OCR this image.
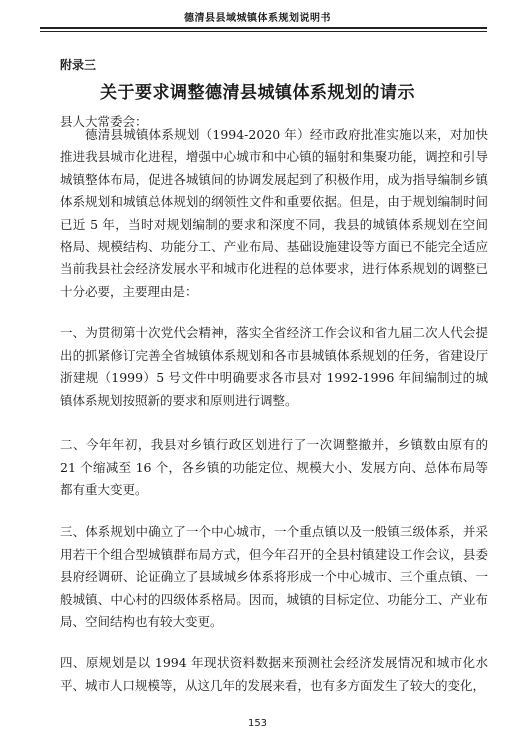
德清县县域城镇体系规划说明书
附录三
关于要求调整德清县城镇体系规划的请示
县人大常委会：
德清县城镇体系规划（1994-2020 年）经市政府批准实施以来，对加快推进我县城市化进程，增强中心城市和中心镇的辐射和集聚功能，调控和引导城镇整体布局，促进各城镇间的协调发展起到了积极作用，成为指导编制乡镇体系规划和城镇总体规划的纲领性文件和重要依据。但是，由于规划编制时间已近 5 年，当时对规划编制的要求和深度不同，我县的城镇体系规划在空间格局、规模结构、功能分工、产业布局、基础设施建设等方面已不能完全适应当前我县社会经济发展水平和城市化进程的总体要求，进行体系规划的调整已十分必要，主要理由是：
一、为贯彻第十次党代会精神，落实全省经济工作会议和省九届二次人代会提出的抓紧修订完善全省城镇体系规划和各市县城镇体系规划的任务，省建设厅浙建规（1999）5 号文件中明确要求各市县对 1992-1996 年间编制过的城镇体系规划按照新的要求和原则进行调整。
二、今年年初，我县对乡镇行政区划进行了一次调整撤并，乡镇数由原有的 21 个缩减至 16 个，各乡镇的功能定位、规模大小、发展方向、总体布局等都有重大变更。
三、体系规划中确立了一个中心城市，一个重点镇以及一般镇三级体系，并采用若干个组合型城镇群布局方式，但今年召开的全县村镇建设工作会议，县委县府经调研、论证确立了县域城乡体系将形成一个中心城市、三个重点镇、一般城镇、中心村的四级体系格局。因而，城镇的目标定位、功能分工、产业布局、空间结构也有较大变更。
四、原规划是以 1994 年现状资料数据来预测社会经济发展情况和城市化水平、城市人口规模等，从这几年的发展来看，也有多方面发生了较大的变化，
153
